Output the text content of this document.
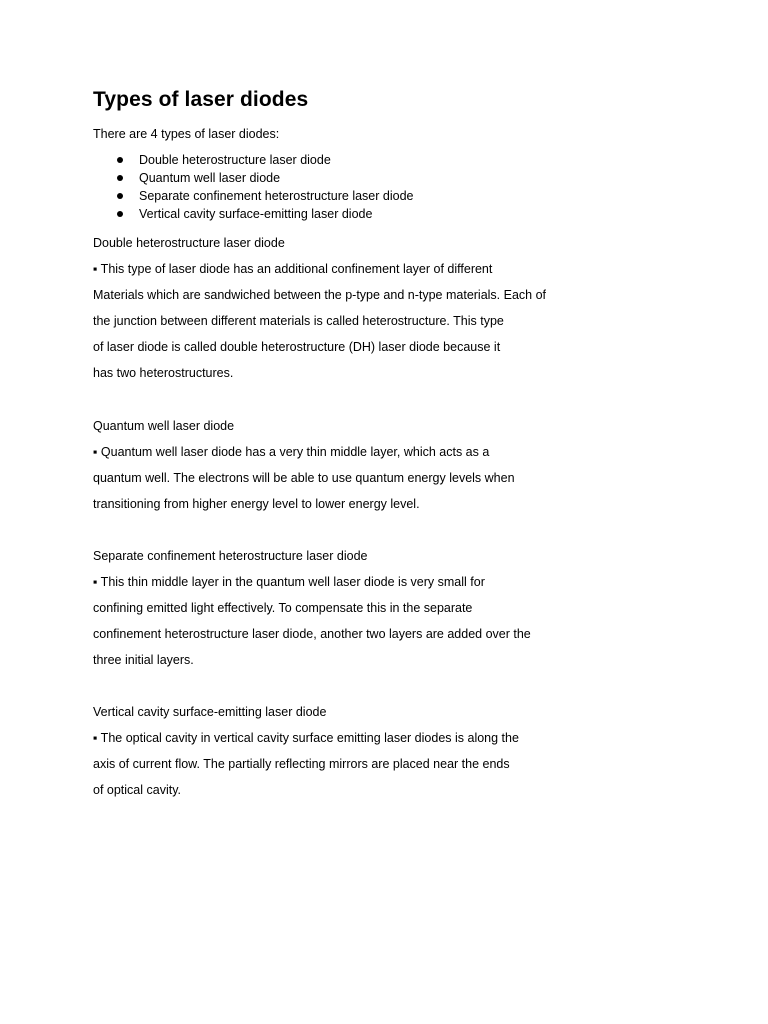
Types of laser diodes

There are 4 types of laser diodes:

Double heterostructure laser diode
Quantum well laser diode
Separate confinement heterostructure laser diode
Vertical cavity surface-emitting laser diode

Double heterostructure laser diode

▪ This type of laser diode has an additional confinement layer of different

Materials which are sandwiched between the p-type and n-type materials. Each of

the junction between different materials is called heterostructure. This type

of laser diode is called double heterostructure (DH) laser diode because it

has two heterostructures.

Quantum well laser diode

▪ Quantum well laser diode has a very thin middle layer, which acts as a

quantum well. The electrons will be able to use quantum energy levels when

transitioning from higher energy level to lower energy level.

Separate confinement heterostructure laser diode

▪ This thin middle layer in the quantum well laser diode is very small for

confining emitted light effectively. To compensate this in the separate

confinement heterostructure laser diode, another two layers are added over the

three initial layers.

Vertical cavity surface-emitting laser diode

▪ The optical cavity in vertical cavity surface emitting laser diodes is along the

axis of current flow. The partially reflecting mirrors are placed near the ends

of optical cavity.
